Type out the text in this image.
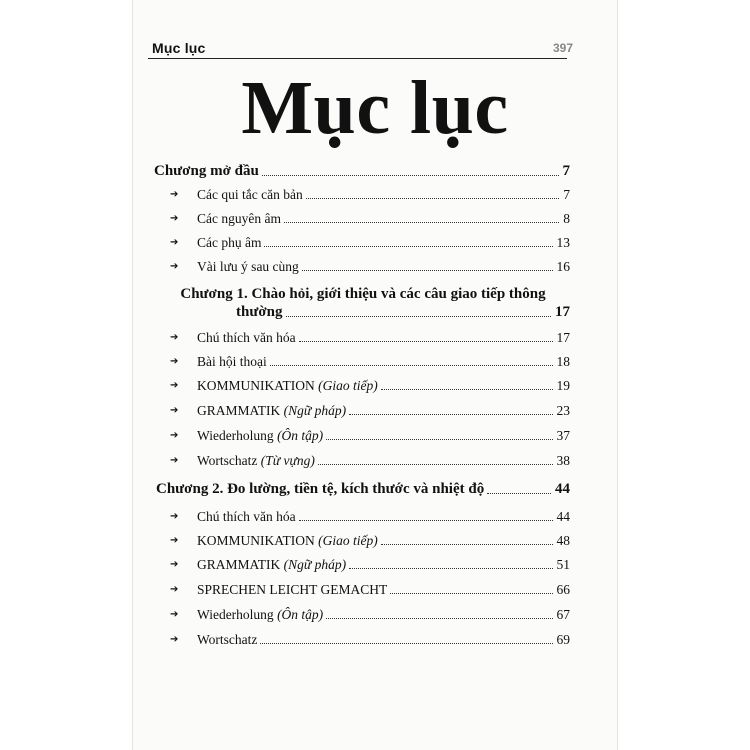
Mục lục	397
Mục lục
Chương mở đầu	7
➔ Các qui tắc căn bản	7
➔ Các nguyên âm	8
➔ Các phụ âm	13
➔ Vài lưu ý sau cùng	16
Chương 1. Chào hỏi, giới thiệu và các câu giao tiếp thông
thường	17
➔ Chú thích văn hóa	17
➔ Bài hội thoại	18
➔ KOMMUNIKATION (Giao tiếp)	19
➔ GRAMMATIK (Ngữ pháp)	23
➔ Wiederholung (Ôn tập)	37
➔ Wortschatz (Từ vựng)	38
Chương 2. Đo lường, tiền tệ, kích thước và nhiệt độ	44
➔ Chú thích văn hóa	44
➔ KOMMUNIKATION (Giao tiếp)	48
➔ GRAMMATIK (Ngữ pháp)	51
➔ SPRECHEN LEICHT GEMACHT	66
➔ Wiederholung (Ôn tập)	67
➔ Wortschatz	69
